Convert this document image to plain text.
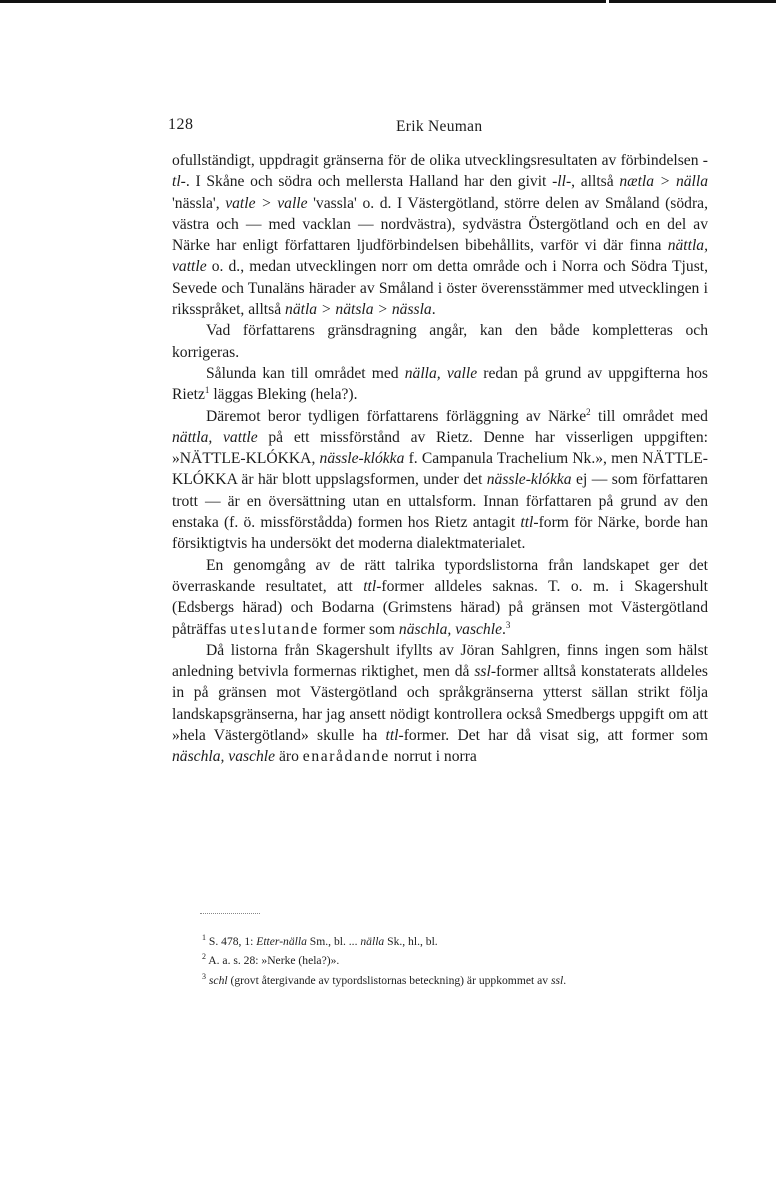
128	Erik Neuman

ofullständigt, uppdragit gränserna för de olika utvecklingsresultaten av förbindelsen -tl-. I Skåne och södra och mellersta Halland har den givit -ll-, alltså nætla > nälla 'nässla', vatle > valle 'vassla' o. d. I Västergötland, större delen av Småland (södra, västra och — med vacklan — nordvästra), sydvästra Östergötland och en del av Närke har enligt författaren ljudförbindelsen bibehållits, varför vi där finna nättla, vattle o. d., medan utvecklingen norr om detta område och i Norra och Södra Tjust, Sevede och Tunaläns härader av Småland i öster överensstämmer med utvecklingen i riksspråket, alltså nätla > nätsla > nässla.

Vad författarens gränsdragning angår, kan den både kompletteras och korrigeras.

Sålunda kan till området med nälla, valle redan på grund av uppgifterna hos Rietz$^1$ läggas Bleking (hela?).

Däremot beror tydligen författarens förläggning av Närke$^2$ till området med nättla, vattle på ett missförstånd av Rietz. Denne har visserligen uppgiften: »NÄTTLE-KLÓKKA, nässle-klókka f. Campanula Trachelium Nk.», men NÄTTLE-KLÓKKA är här blott uppslagsformen, under det nässle-klókka ej — som författaren trott — är en översättning utan en uttalsform. Innan författaren på grund av den enstaka (f. ö. missförstådda) formen hos Rietz antagit ttl-form för Närke, borde han försiktigtvis ha undersökt det moderna dialektmaterialet.

En genomgång av de rätt talrika typordslistorna från landskapet ger det överraskande resultatet, att ttl-former alldeles saknas. T. o. m. i Skagershult (Edsbergs härad) och Bodarna (Grimstens härad) på gränsen mot Västergötland påträffas uteslutande former som näschla, vaschle.$^3$

Då listorna från Skagershult ifyllts av Jöran Sahlgren, finns ingen som hälst anledning betvivla formernas riktighet, men då ssl-former alltså konstaterats alldeles in på gränsen mot Västergötland och språkgränserna ytterst sällan strikt följa landskapsgränserna, har jag ansett nödigt kontrollera också Smedbergs uppgift om att »hela Västergötland» skulle ha ttl-former. Det har då visat sig, att former som näschla, vaschle äro enarådande norrut i norra

$^1$ S. 478, 1: Etter-nälla Sm., bl. ... nälla Sk., hl., bl.

$^2$ A. a. s. 28: »Nerke (hela?)».

$^3$ schl (grovt återgivande av typordslistornas beteckning) är uppkommet av ssl.
